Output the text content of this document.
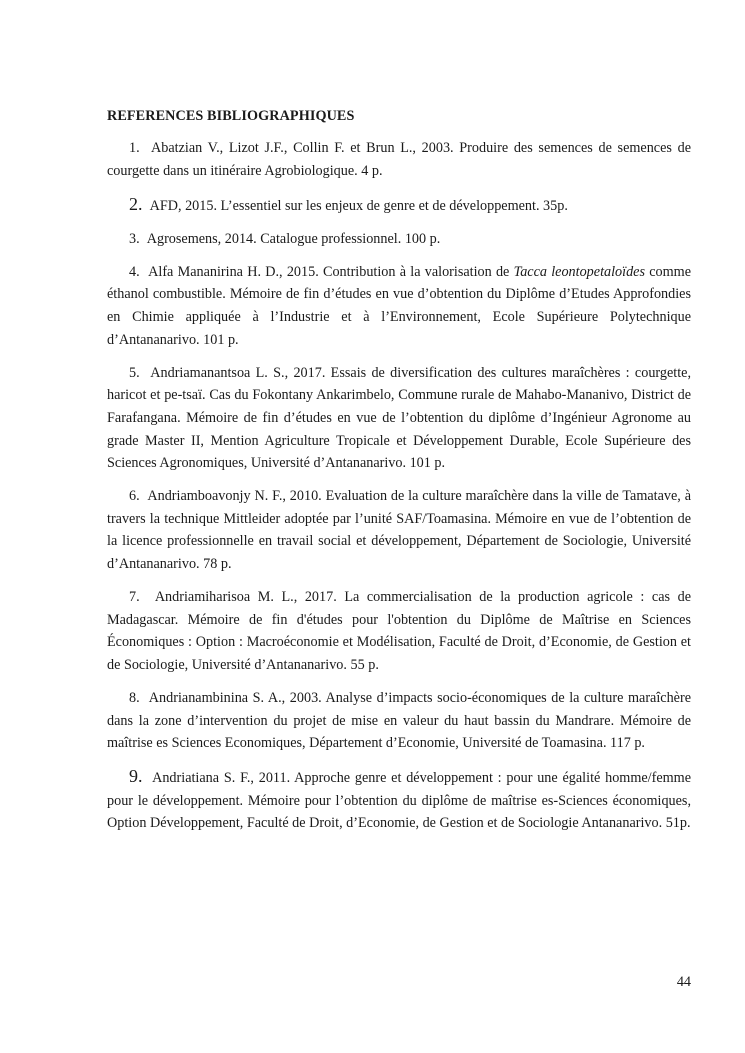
REFERENCES BIBLIOGRAPHIQUES

1. Abatzian V., Lizot J.F., Collin F. et Brun L., 2003. Produire des semences de semences de courgette dans un itinéraire Agrobiologique. 4 p.

2. AFD, 2015. L’essentiel sur les enjeux de genre et de développement. 35p.

3. Agrosemens, 2014. Catalogue professionnel. 100 p.

4. Alfa Mananirina H. D., 2015. Contribution à la valorisation de Tacca leontopetaloïdes comme éthanol combustible. Mémoire de fin d’études en vue d’obtention du Diplôme d’Etudes Approfondies en Chimie appliquée à l’Industrie et à l’Environnement, Ecole Supérieure Polytechnique d’Antananarivo. 101 p.

5. Andriamanantsoa L. S., 2017. Essais de diversification des cultures maraîchères : courgette, haricot et pe-tsaï. Cas du Fokontany Ankarimbelo, Commune rurale de Mahabo-Mananivo, District de Farafangana. Mémoire de fin d’études en vue de l’obtention du diplôme d’Ingénieur Agronome au grade Master II, Mention Agriculture Tropicale et Développement Durable, Ecole Supérieure des Sciences Agronomiques, Université d’Antananarivo. 101 p.

6. Andriamboavonjy N. F., 2010. Evaluation de la culture maraîchère dans la ville de Tamatave, à travers la technique Mittleider adoptée par l’unité SAF/Toamasina. Mémoire en vue de l’obtention de la licence professionnelle en travail social et développement, Département de Sociologie, Université d’Antananarivo. 78 p.

7. Andriamiharisoa M. L., 2017. La commercialisation de la production agricole : cas de Madagascar. Mémoire de fin d'études pour l'obtention du Diplôme de Maîtrise en Sciences Économiques : Option : Macroéconomie et Modélisation, Faculté de Droit, d’Economie, de Gestion et de Sociologie, Université d’Antananarivo. 55 p.

8. Andrianambinina S. A., 2003. Analyse d’impacts socio-économiques de la culture maraîchère dans la zone d’intervention du projet de mise en valeur du haut bassin du Mandrare. Mémoire de maîtrise es Sciences Economiques, Département d’Economie, Université de Toamasina. 117 p.

9. Andriatiana S. F., 2011. Approche genre et développement : pour une égalité homme/femme pour le développement. Mémoire pour l’obtention du diplôme de maîtrise es-Sciences économiques, Option Développement, Faculté de Droit, d’Economie, de Gestion et de Sociologie Antananarivo. 51p.

44
